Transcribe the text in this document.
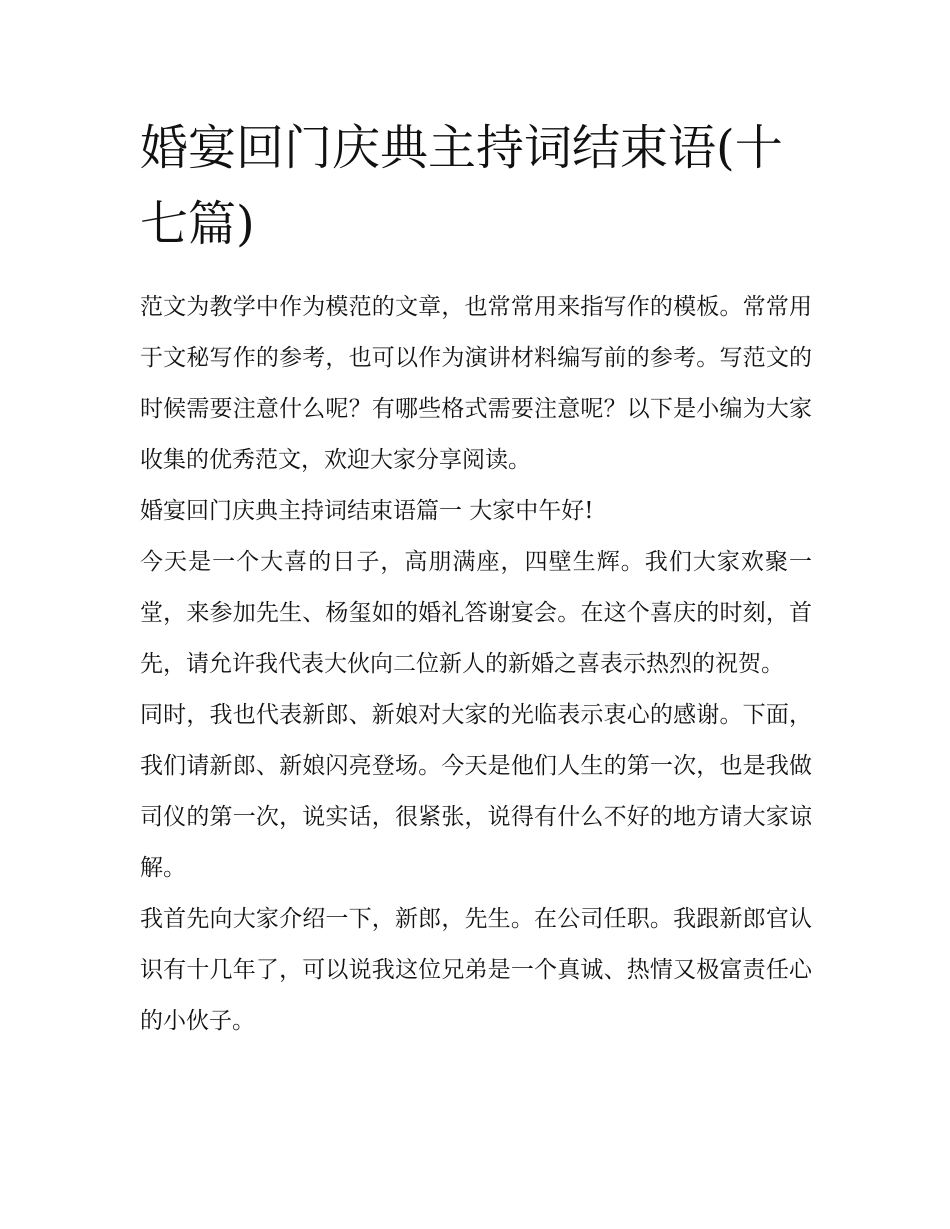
婚宴回门庆典主持词结束语(十七篇)

范文为教学中作为模范的文章，也常常用来指写作的模板。常常用于文秘写作的参考，也可以作为演讲材料编写前的参考。写范文的时候需要注意什么呢？有哪些格式需要注意呢？以下是小编为大家收集的优秀范文，欢迎大家分享阅读。

婚宴回门庆典主持词结束语篇一 大家中午好!

今天是一个大喜的日子，高朋满座，四壁生辉。我们大家欢聚一堂，来参加先生、杨玺如的婚礼答谢宴会。在这个喜庆的时刻，首先，请允许我代表大伙向二位新人的新婚之喜表示热烈的祝贺。

同时，我也代表新郎、新娘对大家的光临表示衷心的感谢。下面，我们请新郎、新娘闪亮登场。今天是他们人生的第一次，也是我做司仪的第一次，说实话，很紧张，说得有什么不好的地方请大家谅解。

我首先向大家介绍一下，新郎，先生。在公司任职。我跟新郎官认识有十几年了，可以说我这位兄弟是一个真诚、热情又极富责任心的小伙子。
